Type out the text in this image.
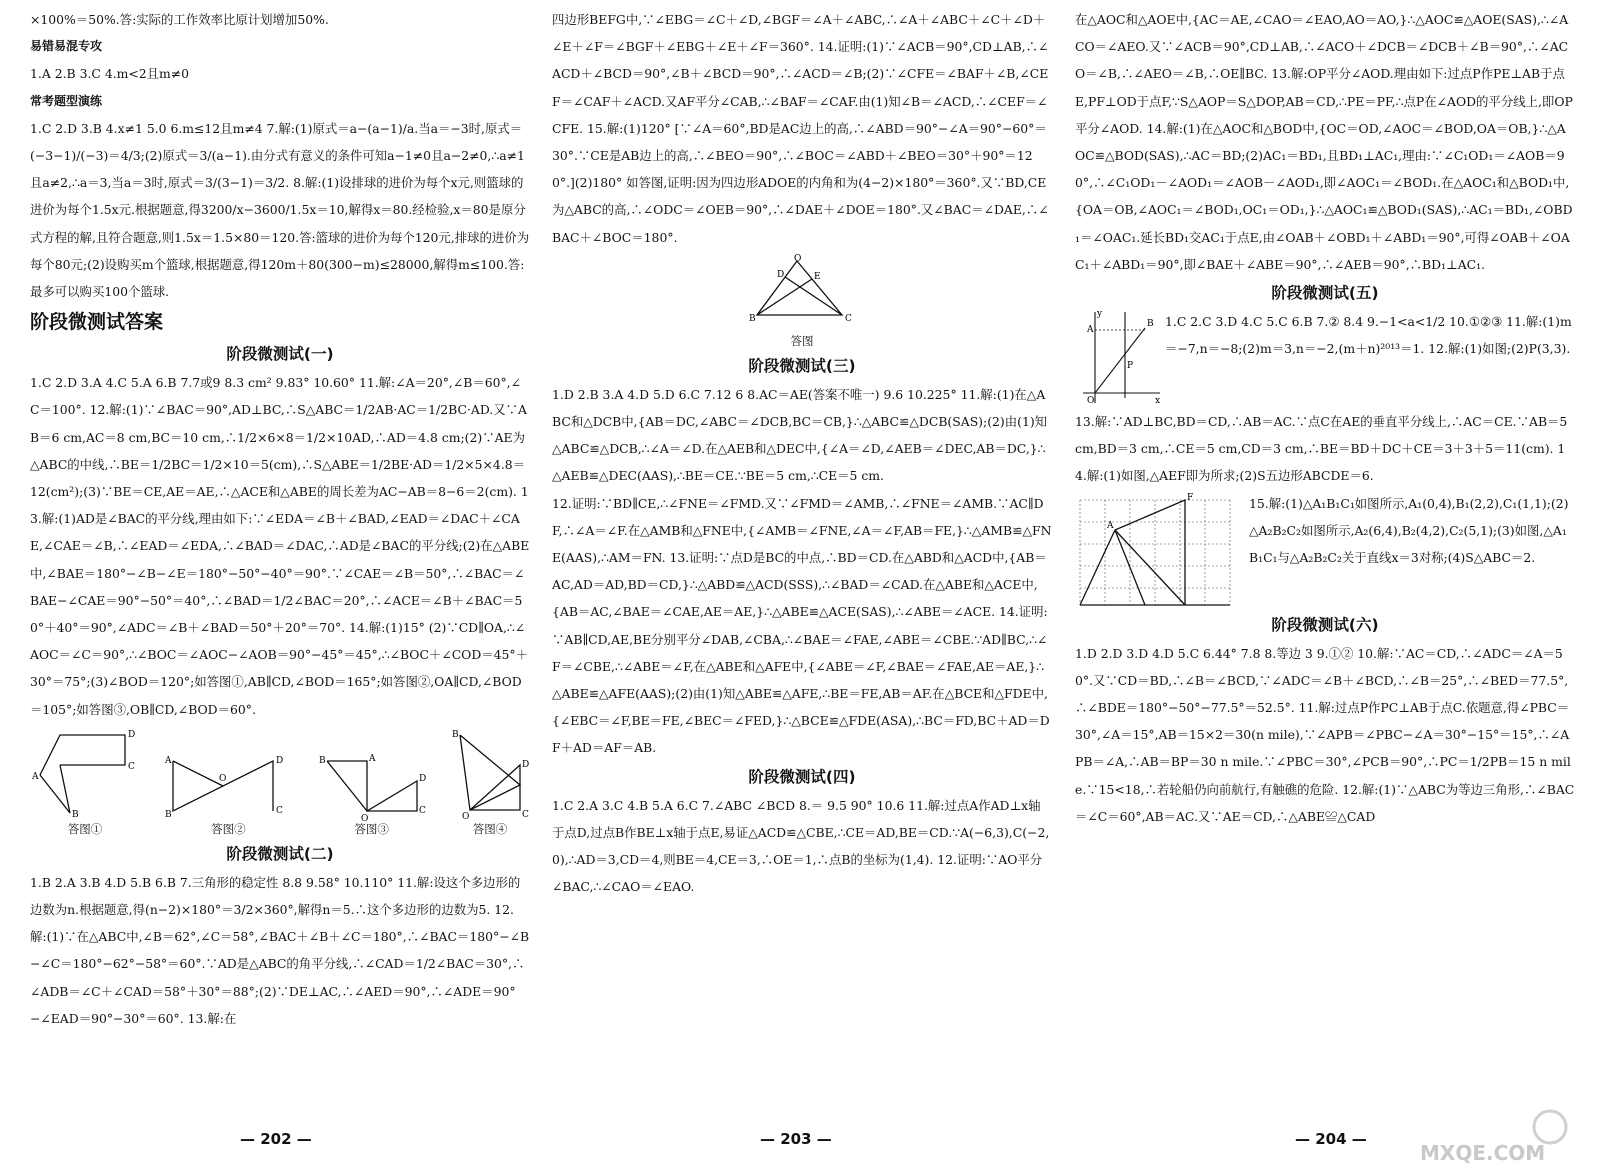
×100%＝50%.答:实际的工作效率比原计划增加50%.

易错易混专攻

1.A 2.B 3.C 4.m<2且m≠0

常考题型演练

1.C 2.D 3.B 4.x≠1 5.0 6.m≤12且m≠4 7.解:(1)原式＝a−(a−1)/a.当a＝−3时,原式＝(−3−1)/(−3)＝4/3;(2)原式＝3/(a−1).由分式有意义的条件可知a−1≠0且a−2≠0,∴a≠1且a≠2,∴a＝3,当a＝3时,原式＝3/(3−1)＝3/2. 8.解:(1)设排球的进价为每个x元,则篮球的进价为每个1.5x元.根据题意,得3200/x−3600/1.5x＝10,解得x＝80.经检验,x＝80是原分式方程的解,且符合题意,则1.5x＝1.5×80＝120.答:篮球的进价为每个120元,排球的进价为每个80元;(2)设购买m个篮球,根据题意,得120m＋80(300−m)≤28000,解得m≤100.答:最多可以购买100个篮球.

阶段微测试答案

阶段微测试(一)

1.C 2.D 3.A 4.C 5.A 6.B 7.7或9 8.3 cm² 9.83° 10.60° 11.解:∠A＝20°,∠B＝60°,∠C＝100°. 12.解:(1)∵∠BAC＝90°,AD⊥BC,∴S△ABC＝1/2AB·AC＝1/2BC·AD.又∵AB＝6 cm,AC＝8 cm,BC＝10 cm,∴1/2×6×8＝1/2×10AD,∴AD＝4.8 cm;(2)∵AE为△ABC的中线,∴BE＝1/2BC＝1/2×10＝5(cm),∴S△ABE＝1/2BE·AD＝1/2×5×4.8＝12(cm²);(3)∵BE＝CE,AE＝AE,∴△ACE和△ABE的周长差为AC−AB＝8−6＝2(cm). 13.解:(1)AD是∠BAC的平分线,理由如下:∵∠EDA＝∠B＋∠BAD,∠EAD＝∠DAC＋∠CAE,∠CAE＝∠B,∴∠EAD＝∠EDA,∴∠BAD＝∠DAC,∴AD是∠BAC的平分线;(2)在△ABE中,∠BAE＝180°−∠B−∠E＝180°−50°−40°＝90°.∵∠CAE＝∠B＝50°,∴∠BAC＝∠BAE−∠CAE＝90°−50°＝40°,∴∠BAD＝1/2∠BAC＝20°,∴∠ACE＝∠B＋∠BAC＝50°＋40°＝90°,∠ADC＝∠B＋∠BAD＝50°＋20°＝70°. 14.解:(1)15° (2)∵CD∥OA,∴∠AOC＝∠C＝90°,∴∠BOC＝∠AOC−∠AOB＝90°−45°＝45°,∴∠BOC＋∠COD＝45°＋30°＝75°;(3)∠BOD＝120°;如答图①,AB∥CD,∠BOD＝165°;如答图②,OA∥CD,∠BOD＝105°;如答图③,OB∥CD,∠BOD＝60°.

A
D
C
B
答图①
A
B
O
D
C
答图②
B	A
O
D
C
答图③
B
O
D
C
答图④

阶段微测试(二)

1.B 2.A 3.B 4.D 5.B 6.B 7.三角形的稳定性 8.8 9.58° 10.110° 11.解:设这个多边形的边数为n.根据题意,得(n−2)×180°＝3/2×360°,解得n＝5.∴这个多边形的边数为5. 12.解:(1)∵在△ABC中,∠B＝62°,∠C＝58°,∠BAC＋∠B＋∠C＝180°,∴∠BAC＝180°−∠B−∠C＝180°−62°−58°＝60°.∵AD是△ABC的角平分线,∴∠CAD＝1/2∠BAC＝30°,∴∠ADB＝∠C＋∠CAD＝58°＋30°＝88°;(2)∵DE⊥AC,∴∠AED＝90°,∴∠ADE＝90°−∠EAD＝90°−30°＝60°. 13.解:在

— 202 —

四边形BEFG中,∵∠EBG＝∠C＋∠D,∠BGF＝∠A＋∠ABC,∴∠A＋∠ABC＋∠C＋∠D＋∠E＋∠F＝∠BGF＋∠EBG＋∠E＋∠F＝360°. 14.证明:(1)∵∠ACB＝90°,CD⊥AB,∴∠ACD＋∠BCD＝90°,∠B＋∠BCD＝90°,∴∠ACD＝∠B;(2)∵∠CFE＝∠BAF＋∠B,∠CEF＝∠CAF＋∠ACD.又AF平分∠CAB,∴∠BAF＝∠CAF.由(1)知∠B＝∠ACD,∴∠CEF＝∠CFE. 15.解:(1)120° [∵∠A＝60°,BD是AC边上的高,∴∠ABD＝90°−∠A＝90°−60°＝30°.∵CE是AB边上的高,∴∠BEO＝90°,∴∠BOC＝∠ABD＋∠BEO＝30°＋90°＝120°.](2)180° 如答图,证明:因为四边形ADOE的内角和为(4−2)×180°＝360°.又∵BD,CE为△ABC的高,∴∠ODC＝∠OEB＝90°,∴∠DAE＋∠DOE＝180°.又∠BAC＝∠DAE,∴∠BAC＋∠BOC＝180°.

O
B	C
D	E
答图

阶段微测试(三)

1.D 2.B 3.A 4.D 5.D 6.C 7.12 6 8.AC＝AE(答案不唯一) 9.6 10.225° 11.解:(1)在△ABC和△DCB中,{AB＝DC,∠ABC＝∠DCB,BC＝CB,}∴△ABC≌△DCB(SAS);(2)由(1)知△ABC≌△DCB,∴∠A＝∠D.在△AEB和△DEC中,{∠A＝∠D,∠AEB＝∠DEC,AB＝DC,}∴△AEB≌△DEC(AAS),∴BE＝CE.∵BE＝5 cm,∴CE＝5 cm.

12.证明:∵BD∥CE,∴∠FNE＝∠FMD.又∵∠FMD＝∠AMB,∴∠FNE＝∠AMB.∵AC∥DF,∴∠A＝∠F.在△AMB和△FNE中,{∠AMB＝∠FNE,∠A＝∠F,AB＝FE,}∴△AMB≌△FNE(AAS),∴AM＝FN. 13.证明:∵点D是BC的中点,∴BD＝CD.在△ABD和△ACD中,{AB＝AC,AD＝AD,BD＝CD,}∴△ABD≌△ACD(SSS),∴∠BAD＝∠CAD.在△ABE和△ACE中,{AB＝AC,∠BAE＝∠CAE,AE＝AE,}∴△ABE≌△ACE(SAS),∴∠ABE＝∠ACE. 14.证明:∵AB∥CD,AE,BE分别平分∠DAB,∠CBA,∴∠BAE＝∠FAE,∠ABE＝∠CBE.∵AD∥BC,∴∠F＝∠CBE,∴∠ABE＝∠F,在△ABE和△AFE中,{∠ABE＝∠F,∠BAE＝∠FAE,AE＝AE,}∴△ABE≌△AFE(AAS);(2)由(1)知△ABE≌△AFE,∴BE＝FE,AB＝AF.在△BCE和△FDE中,{∠EBC＝∠F,BE＝FE,∠BEC＝∠FED,}∴△BCE≌△FDE(ASA),∴BC＝FD,BC＋AD＝DF＋AD＝AF＝AB.

阶段微测试(四)

1.C 2.A 3.C 4.B 5.A 6.C 7.∠ABC ∠BCD 8.＝ 9.5 90° 10.6 11.解:过点A作AD⊥x轴于点D,过点B作BE⊥x轴于点E,易证△ACD≌△CBE,∴CE＝AD,BE＝CD.∵A(−6,3),C(−2,0),∴AD＝3,CD＝4,则BE＝4,CE＝3,∴OE＝1,∴点B的坐标为(1,4). 12.证明:∵AO平分∠BAC,∴∠CAO＝∠EAO.

— 203 —

在△AOC和△AOE中,{AC＝AE,∠CAO＝∠EAO,AO＝AO,}∴△AOC≌△AOE(SAS),∴∠ACO＝∠AEO.又∵∠ACB＝90°,CD⊥AB,∴∠ACO＋∠DCB＝∠DCB＋∠B＝90°,∴∠ACO＝∠B,∴∠AEO＝∠B,∴OE∥BC. 13.解:OP平分∠AOD.理由如下:过点P作PE⊥AB于点E,PF⊥OD于点F,∵S△AOP＝S△DOP,AB＝CD,∴PE＝PF,∴点P在∠AOD的平分线上,即OP平分∠AOD. 14.解:(1)在△AOC和△BOD中,{OC＝OD,∠AOC＝∠BOD,OA＝OB,}∴△AOC≌△BOD(SAS),∴AC＝BD;(2)AC₁＝BD₁,且BD₁⊥AC₁,理由:∵∠C₁OD₁＝∠AOB＝90°,∴∠C₁OD₁－∠AOD₁＝∠AOB－∠AOD₁,即∠AOC₁＝∠BOD₁.在△AOC₁和△BOD₁中,{OA＝OB,∠AOC₁＝∠BOD₁,OC₁＝OD₁,}∴△AOC₁≌△BOD₁(SAS),∴AC₁＝BD₁,∠OBD₁＝∠OAC₁.延长BD₁交AC₁于点E,由∠OAB＋∠OBD₁＋∠ABD₁＝90°,可得∠OAB＋∠OAC₁＋∠ABD₁＝90°,即∠BAE＋∠ABE＝90°,∴∠AEB＝90°,∴BD₁⊥AC₁.

阶段微测试(五)

y
x
O
P
B
A

1.C 2.C 3.D 4.C 5.C 6.B 7.② 8.4 9.−1<a<1/2 10.①②③ 11.解:(1)m＝−7,n＝−8;(2)m＝3,n＝−2,(m＋n)²⁰¹³＝1. 12.解:(1)如图;(2)P(3,3).

13.解:∵AD⊥BC,BD＝CD,∴AB＝AC.∵点C在AE的垂直平分线上,∴AC＝CE.∵AB＝5 cm,BD＝3 cm,∴CE＝5 cm,CD＝3 cm,∴BE＝BD＋DC＋CE＝3＋3＋5＝11(cm). 14.解:(1)如图,△AEF即为所求;(2)S五边形ABCDE＝6.

F
A

15.解:(1)△A₁B₁C₁如图所示,A₁(0,4),B₁(2,2),C₁(1,1);(2)△A₂B₂C₂如图所示,A₂(6,4),B₂(4,2),C₂(5,1);(3)如图,△A₁B₁C₁与△A₂B₂C₂关于直线x＝3对称;(4)S△ABC＝2.

阶段微测试(六)

1.D 2.D 3.D 4.D 5.C 6.44° 7.8 8.等边 3 9.①② 10.解:∵AC＝CD,∴∠ADC＝∠A＝50°.又∵CD＝BD,∴∠B＝∠BCD,∵∠ADC＝∠B＋∠BCD,∴∠B＝25°,∴∠BED＝77.5°,∴∠BDE＝180°−50°−77.5°＝52.5°. 11.解:过点P作PC⊥AB于点C.依题意,得∠PBC＝30°,∠A＝15°,AB＝15×2＝30(n mile),∵∠APB＝∠PBC−∠A＝30°−15°＝15°,∴∠APB＝∠A,∴AB＝BP＝30 n mile.∵∠PBC＝30°,∠PCB＝90°,∴PC＝1/2PB＝15 n mile.∵15<18,∴若轮船仍向前航行,有触礁的危险. 12.解:(1)∵△ABC为等边三角形,∴∠BAC＝∠C＝60°,AB＝AC.又∵AE＝CD,∴△ABE≌△CAD

— 204 —
MXQE.COM
